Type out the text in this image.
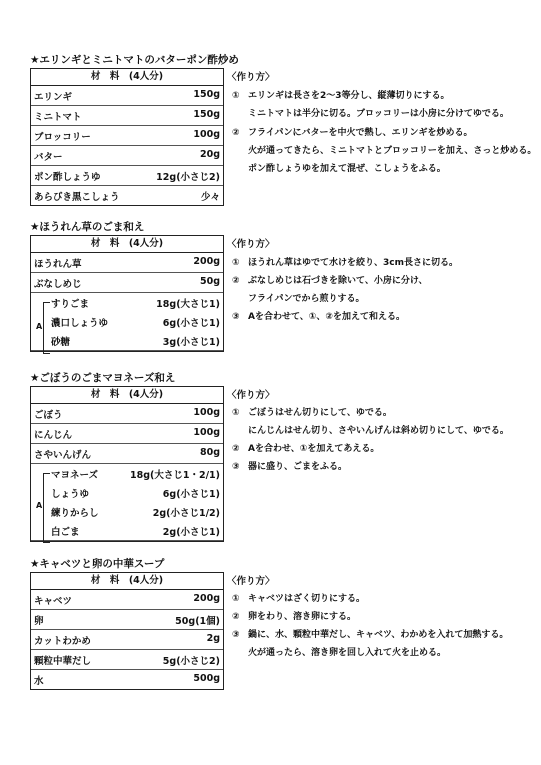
★エリンギとミニトマトのバターポン酢炒め
材　料　(4人分)
エリンギ	150g
ミニトマト	150g
ブロッコリー	100g
バター	20g
ポン酢しょうゆ	12g(小さじ2)
あらびき黒こしょう	少々
〈作り方〉
① エリンギは長さを2～3等分し、縦薄切りにする。
ミニトマトは半分に切る。ブロッコリーは小房に分けてゆでる。
② フライパンにバターを中火で熱し、エリンギを炒める。
火が通ってきたら、ミニトマトとブロッコリーを加え、さっと炒める。
ポン酢しょうゆを加えて混ぜ、こしょうをふる。
★ほうれん草のごま和え
材　料　(4人分)
ほうれん草	200g
ぶなしめじ	50g
すりごま	18g(大さじ1)
濃口しょうゆ	6g(小さじ1)
砂糖	3g(小さじ1)
A
〈作り方〉
① ほうれん草はゆでて水けを絞り、3cm長さに切る。
② ぶなしめじは石づきを除いて、小房に分け、
フライパンでから煎りする。
③ Aを合わせて、①、②を加えて和える。
★ごぼうのごまマヨネーズ和え
材　料　(4人分)
ごぼう	100g
にんじん	100g
さやいんげん	80g
マヨネーズ	18g(大さじ1・2/1)
しょうゆ	6g(小さじ1)
練りからし	2g(小さじ1/2)
白ごま	2g(小さじ1)
A
〈作り方〉
① ごぼうはせん切りにして、ゆでる。
にんじんはせん切り、さやいんげんは斜め切りにして、ゆでる。
② Aを合わせ、①を加えてあえる。
③ 器に盛り、ごまをふる。
★キャベツと卵の中華スープ
材　料　(4人分)
キャベツ	200g
卵	50g(1個)
カットわかめ	2g
顆粒中華だし	5g(小さじ2)
水	500g
〈作り方〉
① キャベツはざく切りにする。
② 卵をわり、溶き卵にする。
③ 鍋に、水、顆粒中華だし、キャベツ、わかめを入れて加熱する。
火が通ったら、溶き卵を回し入れて火を止める。
